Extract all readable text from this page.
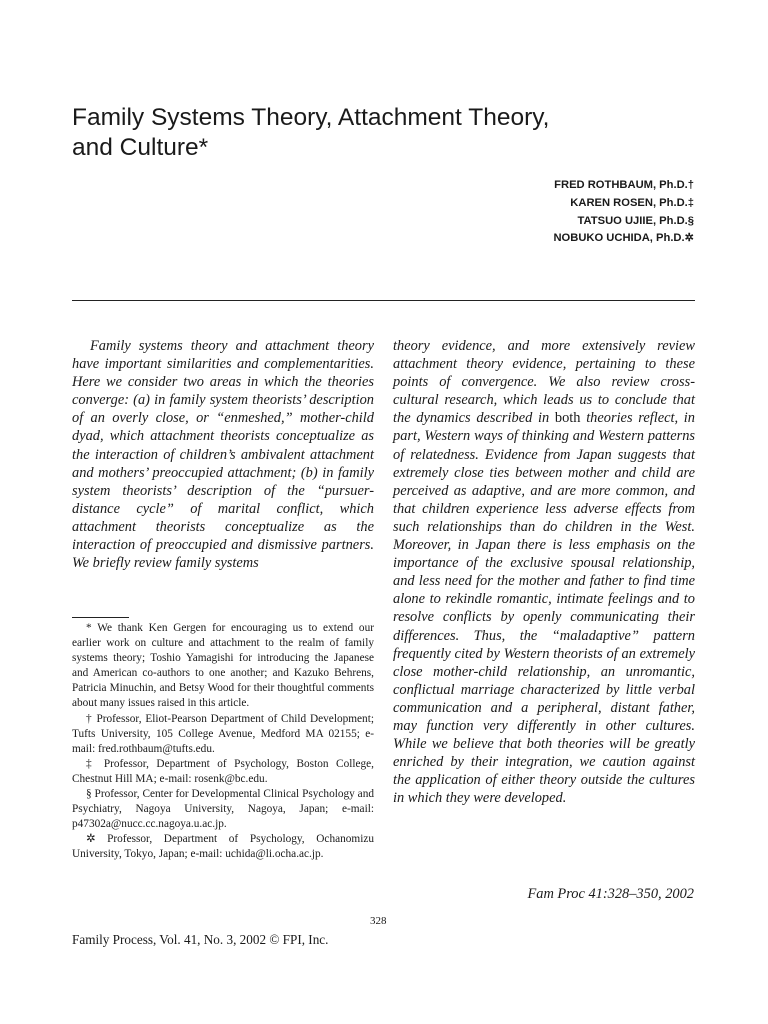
Family Systems Theory, Attachment Theory,
and Culture*
FRED ROTHBAUM, Ph.D.†
KAREN ROSEN, Ph.D.‡
TATSUO UJIIE, Ph.D.§
NOBUKO UCHIDA, Ph.D.✲

Family systems theory and attachment theory have important similarities and complementarities. Here we consider two areas in which the theories converge: (a) in family system theorists’ description of an overly close, or “enmeshed,” mother-child dyad, which attachment theorists conceptualize as the interaction of children’s ambivalent attachment and mothers’ preoccupied attachment; (b) in family system theorists’ description of the “pursuer-distance cycle” of marital conflict, which attachment theorists conceptualize as the interaction of preoccupied and dismissive partners. We briefly review family systems

theory evidence, and more extensively review attachment theory evidence, pertaining to these points of convergence. We also review cross-cultural research, which leads us to conclude that the dynamics described in both theories reflect, in part, Western ways of thinking and Western patterns of relatedness. Evidence from Japan suggests that extremely close ties between mother and child are perceived as adaptive, and are more common, and that children experience less adverse effects from such relationships than do children in the West. Moreover, in Japan there is less emphasis on the importance of the exclusive spousal relationship, and less need for the mother and father to find time alone to rekindle romantic, intimate feelings and to resolve conflicts by openly communicating their differences. Thus, the “maladaptive” pattern frequently cited by Western theorists of an extremely close mother-child relationship, an unromantic, conflictual marriage characterized by little verbal communication and a peripheral, distant father, may function very differently in other cultures. While we believe that both theories will be greatly enriched by their integration, we caution against the application of either theory outside the cultures in which they were developed.

Fam Proc 41:328–350, 2002

* We thank Ken Gergen for encouraging us to extend our earlier work on culture and attachment to the realm of family systems theory; Toshio Yamagishi for introducing the Japanese and American co-authors to one another; and Kazuko Behrens, Patricia Minuchin, and Betsy Wood for their thoughtful comments about many issues raised in this article.

† Professor, Eliot-Pearson Department of Child Development; Tufts University, 105 College Avenue, Medford MA 02155; e-mail: fred.rothbaum@tufts.edu.

‡ Professor, Department of Psychology, Boston College, Chestnut Hill MA; e-mail: rosenk@bc.edu.

§ Professor, Center for Developmental Clinical Psychology and Psychiatry, Nagoya University, Nagoya, Japan; e-mail: p47302a@nucc.cc.nagoya.u.ac.jp.

✲ Professor, Department of Psychology, Ochanomizu University, Tokyo, Japan; e-mail: uchida@li.ocha.ac.jp.

328
Family Process, Vol. 41, No. 3, 2002 © FPI, Inc.
